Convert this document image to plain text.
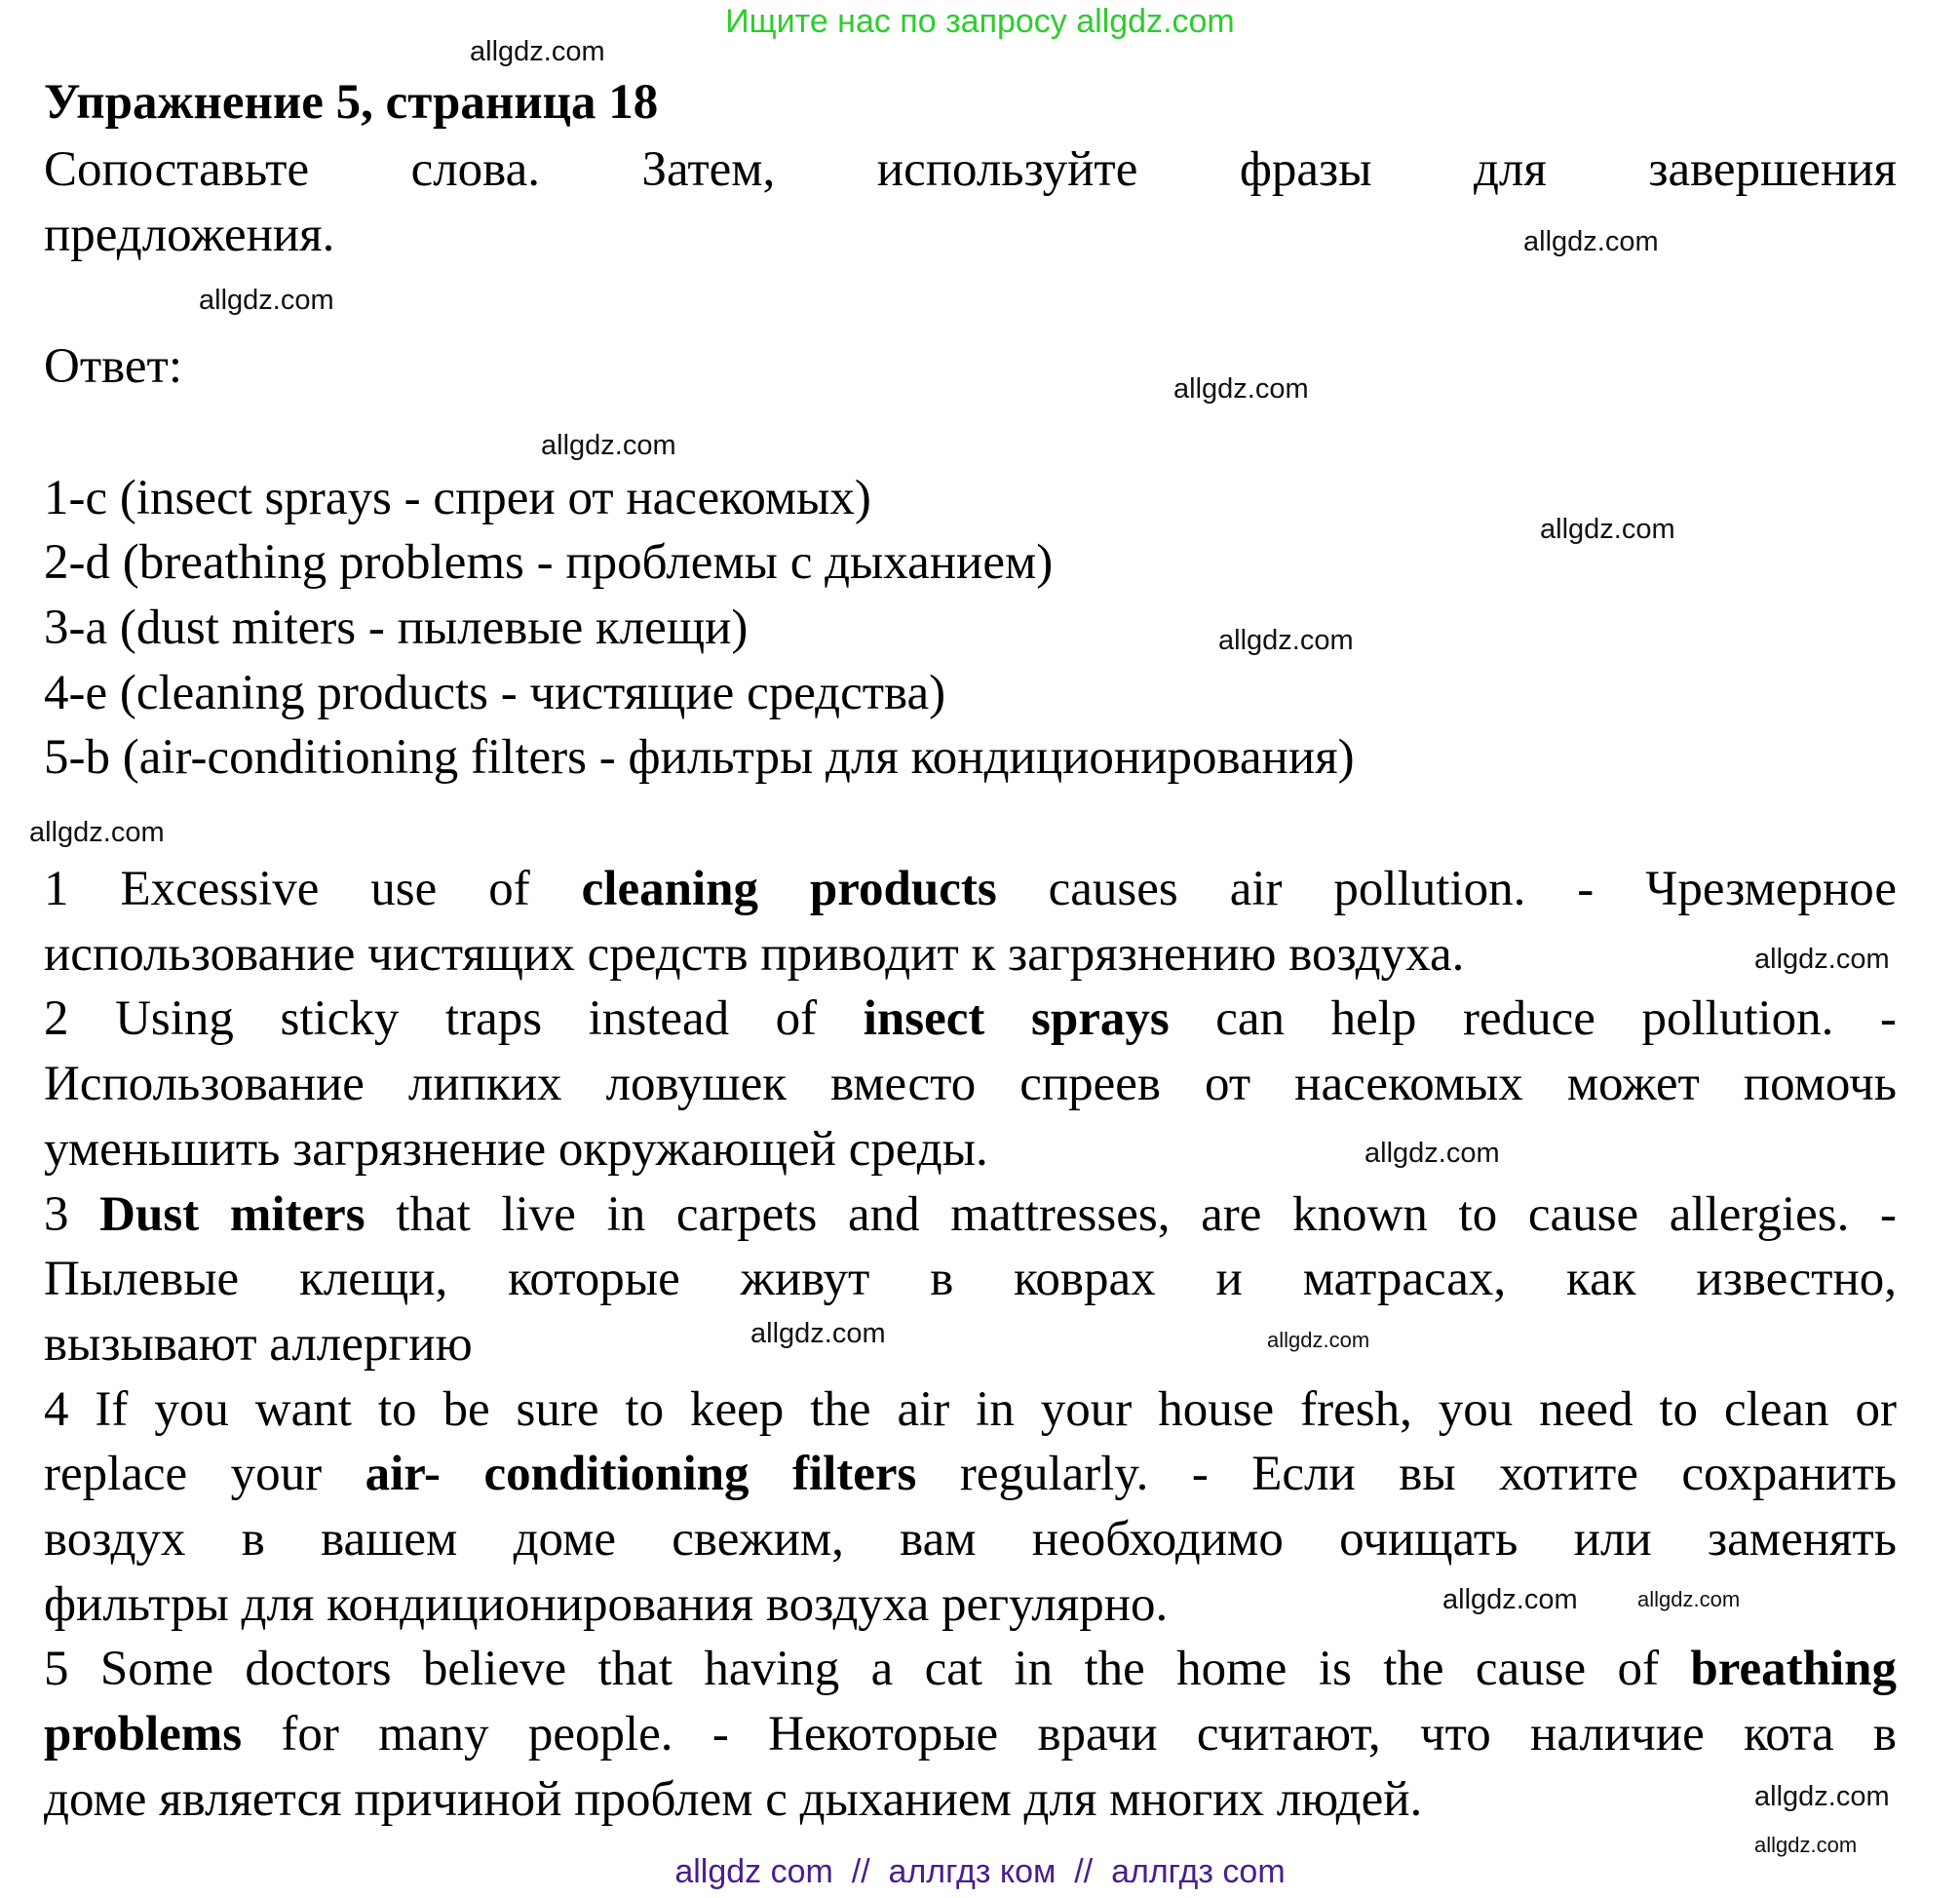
Ищите нас по запросу allgdz.com
Упражнение 5, страница 18
Сопоставьте слова. Затем, используйте фразы для завершения
предложения.
Ответ:
1-c (insect sprays - спреи от насекомых)
2-d (breathing problems - проблемы с дыханием)
3-a (dust miters - пылевые клещи)
4-e (cleaning products - чистящие средства)
5-b (air-conditioning filters - фильтры для кондиционирования)
1 Excessive use of cleaning products causes air pollution. - Чрезмерное
использование чистящих средств приводит к загрязнению воздуха.
2 Using sticky traps instead of insect sprays can help reduce pollution. -
Использование липких ловушек вместо спреев от насекомых может помочь
уменьшить загрязнение окружающей среды.
3 Dust miters that live in carpets and mattresses, are known to cause allergies. -
Пылевые клещи, которые живут в коврах и матрасах, как известно,
вызывают аллергию
4 If you want to be sure to keep the air in your house fresh, you need to clean or
replace your air- conditioning filters regularly. - Если вы хотите сохранить
воздух в вашем доме свежим, вам необходимо очищать или заменять
фильтры для кондиционирования воздуха регулярно.
5 Some doctors believe that having a cat in the home is the cause of breathing
problems for many people. - Некоторые врачи считают, что наличие кота в
доме является причиной проблем с дыханием для многих людей.
allgdz.com
allgdz.com
allgdz.com
allgdz.com
allgdz.com
allgdz.com
allgdz.com
allgdz.com
allgdz.com
allgdz.com
allgdz.com
allgdz.com
allgdz.com
allgdz.com
allgdz.com
allgdz.com
allgdz com  //  аллгдз ком  //  аллгдз com
